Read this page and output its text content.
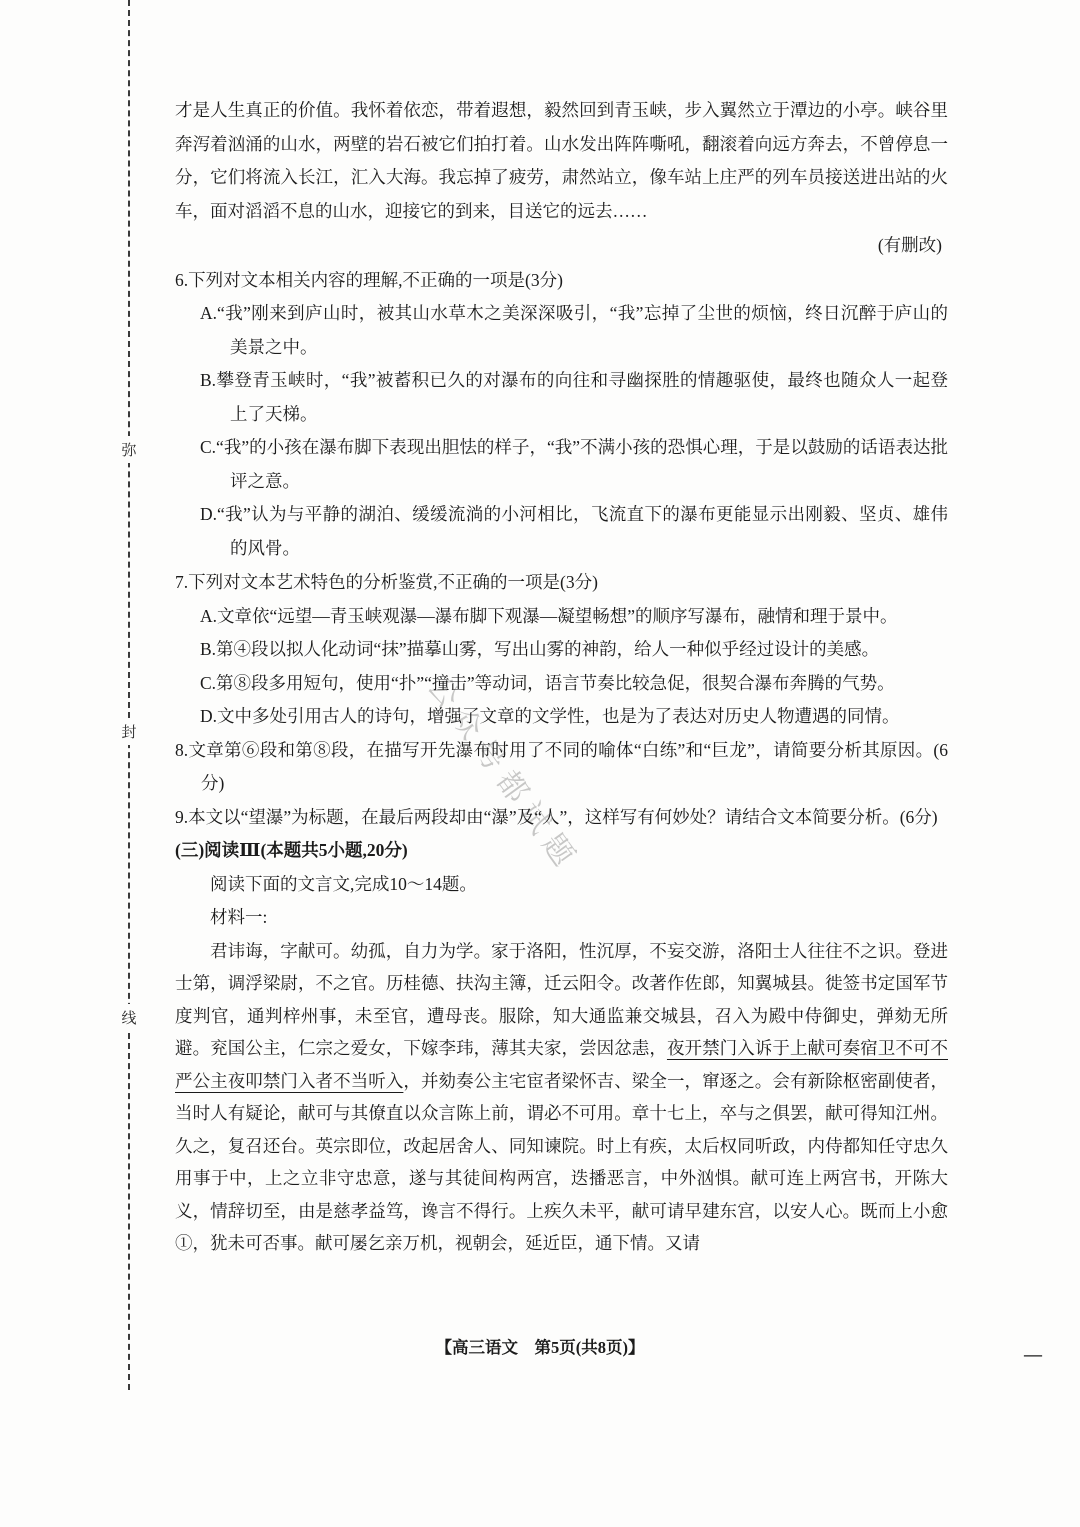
弥
封
线
公众号都试题
才是人生真正的价值。我怀着依恋，带着遐想，毅然回到青玉峡，步入翼然立于潭边的小亭。峡谷里奔泻着汹涌的山水，两壁的岩石被它们拍打着。山水发出阵阵嘶吼，翻滚着向远方奔去，不曾停息一分，它们将流入长江，汇入大海。我忘掉了疲劳，肃然站立，像车站上庄严的列车员接送进出站的火车，面对滔滔不息的山水，迎接它的到来，目送它的远去……
(有删改)
6.下列对文本相关内容的理解,不正确的一项是(3分)
A.“我”刚来到庐山时，被其山水草木之美深深吸引，“我”忘掉了尘世的烦恼，终日沉醉于庐山的美景之中。
B.攀登青玉峡时，“我”被蓄积已久的对瀑布的向往和寻幽探胜的情趣驱使，最终也随众人一起登上了天梯。
C.“我”的小孩在瀑布脚下表现出胆怯的样子，“我”不满小孩的恐惧心理，于是以鼓励的话语表达批评之意。
D.“我”认为与平静的湖泊、缓缓流淌的小河相比，飞流直下的瀑布更能显示出刚毅、坚贞、雄伟的风骨。
7.下列对文本艺术特色的分析鉴赏,不正确的一项是(3分)
A.文章依“远望—青玉峡观瀑—瀑布脚下观瀑—凝望畅想”的顺序写瀑布，融情和理于景中。
B.第④段以拟人化动词“抹”描摹山雾，写出山雾的神韵，给人一种似乎经过设计的美感。
C.第⑧段多用短句，使用“扑”“撞击”等动词，语言节奏比较急促，很契合瀑布奔腾的气势。
D.文中多处引用古人的诗句，增强了文章的文学性，也是为了表达对历史人物遭遇的同情。
8.文章第⑥段和第⑧段，在描写开先瀑布时用了不同的喻体“白练”和“巨龙”，请简要分析其原因。(6分)
9.本文以“望瀑”为标题，在最后两段却由“瀑”及“人”，这样写有何妙处？请结合文本简要分析。(6分)
(三)阅读Ⅲ(本题共5小题,20分)
阅读下面的文言文,完成10～14题。
材料一:
君讳诲，字献可。幼孤，自力为学。家于洛阳，性沉厚，不妄交游，洛阳士人往往不之识。登进士第，调浮梁尉，不之官。历桂德、扶沟主簿，迁云阳令。改著作佐郎，知翼城县。徙签书定国军节度判官，通判梓州事，未至官，遭母丧。服除，知大通监兼交城县，召入为殿中侍御史，弹劾无所避。兖国公主，仁宗之爱女，下嫁李玮，薄其夫家，尝因忿恚，夜开禁门入诉于上献可奏宿卫不可不严公主夜叩禁门入者不当听入，并劾奏公主宅宦者梁怀吉、梁全一，窜逐之。会有新除枢密副使者，当时人有疑论，献可与其僚直以众言陈上前，谓必不可用。章十七上，卒与之俱罢，献可得知江州。久之，复召还台。英宗即位，改起居舍人、同知谏院。时上有疾，太后权同听政，内侍都知任守忠久用事于中，上之立非守忠意，遂与其徒间构两宫，迭播恶言，中外汹惧。献可连上两宫书，开陈大义，情辞切至，由是慈孝益笃，谗言不得行。上疾久未平，献可请早建东宫，以安人心。既而上小愈①，犹未可否事。献可屡乞亲万机，视朝会，延近臣，通下情。又请
【高三语文　第5页(共8页)】	—
